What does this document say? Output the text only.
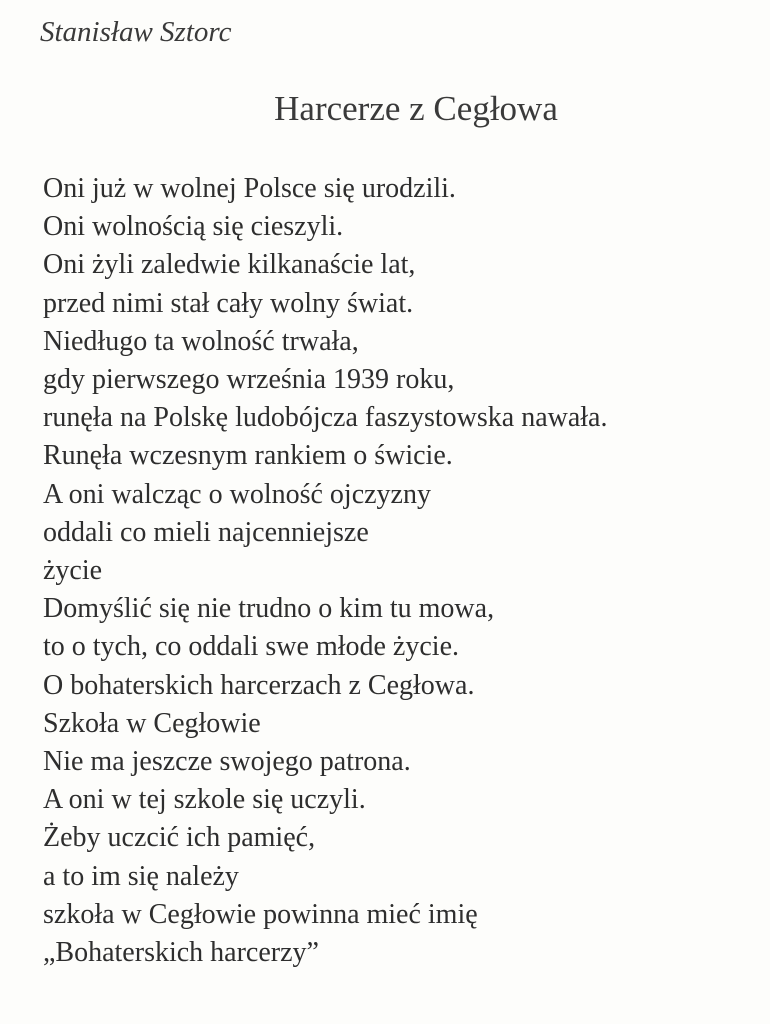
Stanisław Sztorc
Harcerze z Cegłowa
Oni już w wolnej Polsce się urodzili.
Oni wolnością się cieszyli.
Oni żyli zaledwie kilkanaście lat,
przed nimi stał cały wolny świat.
Niedługo ta wolność trwała,
gdy pierwszego września 1939 roku,
runęła na Polskę ludobójcza faszystowska nawała.
Runęła wczesnym rankiem o świcie.
A oni walcząc o wolność ojczyzny
oddali co mieli najcenniejsze
życie
Domyślić się nie trudno o kim tu mowa,
to o tych, co oddali swe młode życie.
O bohaterskich harcerzach z Cegłowa.
Szkoła w Cegłowie
Nie ma jeszcze swojego patrona.
A oni w tej szkole się uczyli.
Żeby uczcić ich pamięć,
a to im się należy
szkoła w Cegłowie powinna mieć imię
„Bohaterskich harcerzy”
